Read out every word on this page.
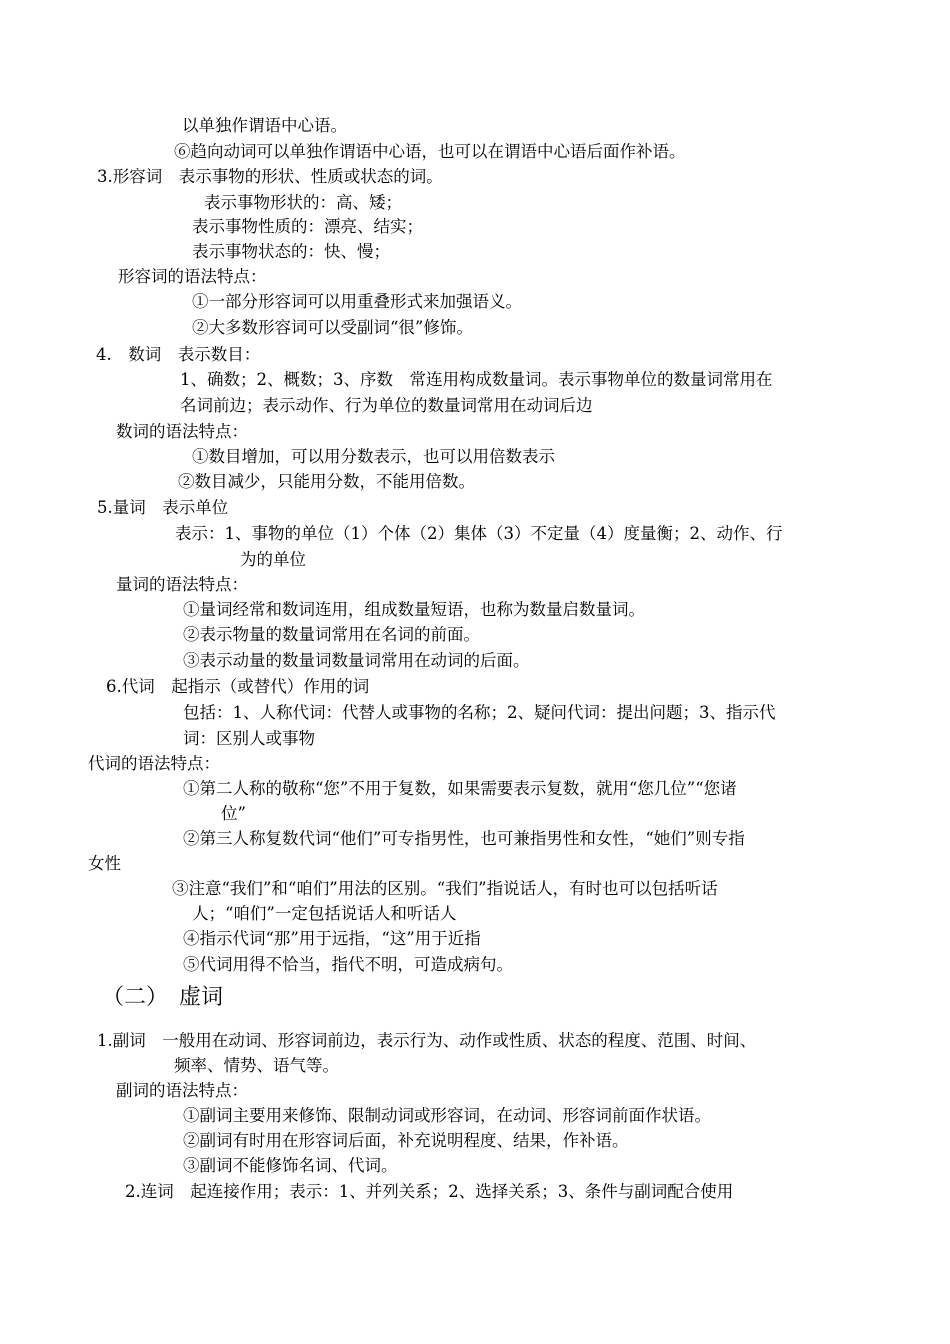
以单独作谓语中心语。
⑥趋向动词可以单独作谓语中心语，也可以在谓语中心语后面作补语。
3.形容词　表示事物的形状、性质或状态的词。
表示事物形状的：高、矮；
表示事物性质的：漂亮、结实；
表示事物状态的：快、慢；
形容词的语法特点：
①一部分形容词可以用重叠形式来加强语义。
②大多数形容词可以受副词“很”修饰。
4.　数词　表示数目：
1、确数；2、概数；3、序数　常连用构成数量词。表示事物单位的数量词常用在
名词前边；表示动作、行为单位的数量词常用在动词后边
数词的语法特点：
①数目增加，可以用分数表示，也可以用倍数表示
②数目减少，只能用分数，不能用倍数。
5.量词　表示单位
表示：1、事物的单位（1）个体（2）集体（3）不定量（4）度量衡；2、动作、行
为的单位
量词的语法特点：
①量词经常和数词连用，组成数量短语，也称为数量启数量词。
②表示物量的数量词常用在名词的前面。
③表示动量的数量词数量词常用在动词的后面。
6.代词　起指示（或替代）作用的词
包括：1、人称代词：代替人或事物的名称；2、疑问代词：提出问题；3、指示代
词：区别人或事物
代词的语法特点：
①第二人称的敬称“您”不用于复数，如果需要表示复数，就用“您几位”“您诸
位”
②第三人称复数代词“他们”可专指男性，也可兼指男性和女性，“她们”则专指
女性
③注意“我们”和“咱们”用法的区别。“我们”指说话人，有时也可以包括听话
人；“咱们”一定包括说话人和听话人
④指示代词“那”用于远指，“这”用于近指
⑤代词用得不恰当，指代不明，可造成病句。
（二）　虚词
1.副词　一般用在动词、形容词前边，表示行为、动作或性质、状态的程度、范围、时间、
频率、情势、语气等。
副词的语法特点：
①副词主要用来修饰、限制动词或形容词，在动词、形容词前面作状语。
②副词有时用在形容词后面，补充说明程度、结果，作补语。
③副词不能修饰名词、代词。
2.连词　起连接作用；表示：1、并列关系；2、选择关系；3、条件与副词配合使用
